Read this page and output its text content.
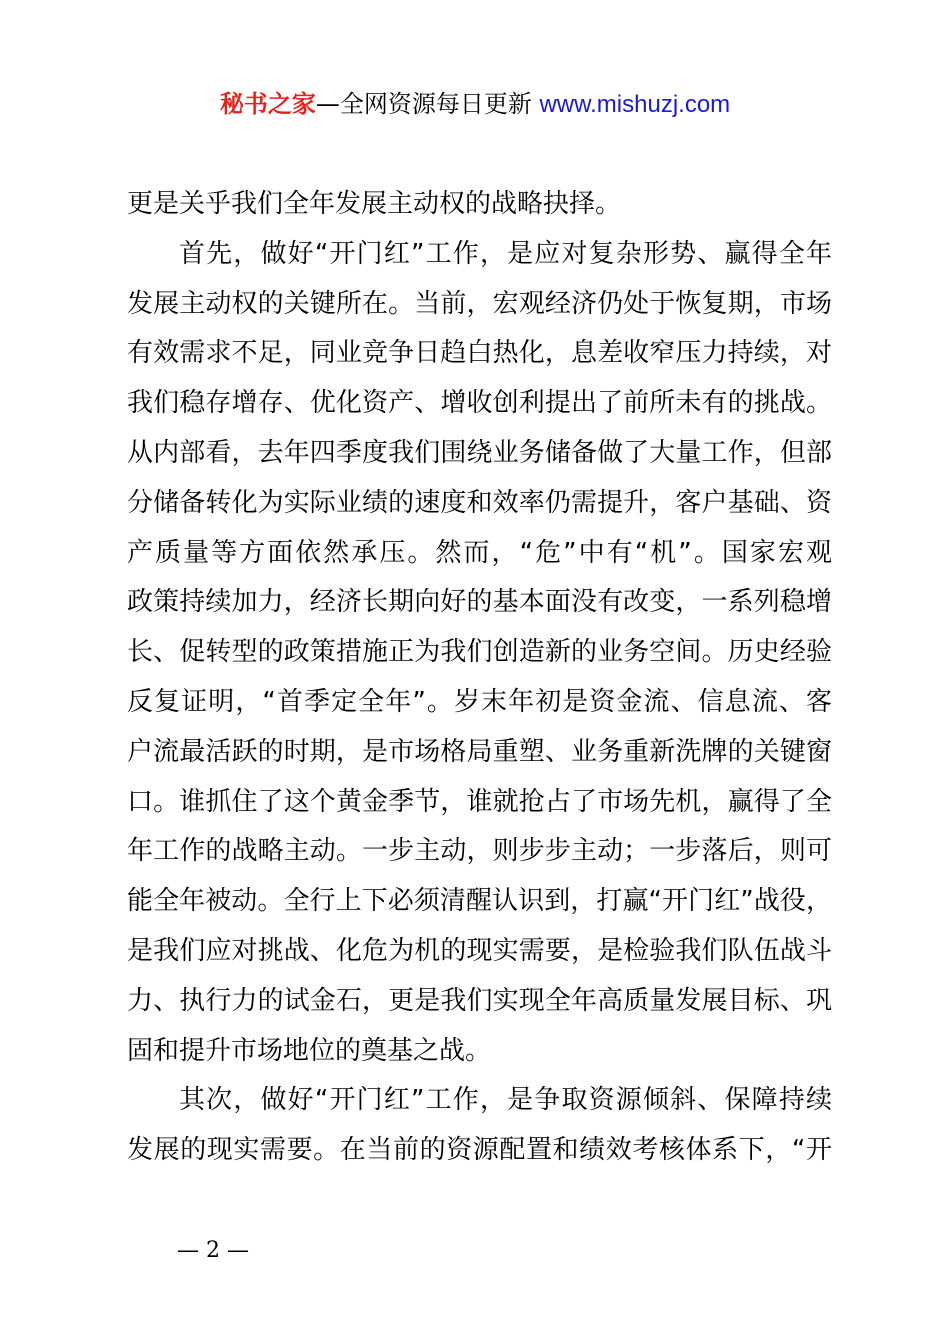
秘书之家—全网资源每日更新 www.mishuzj.com
更是关乎我们全年发展主动权的战略抉择。
首先，做好“开门红”工作，是应对复杂形势、赢得全年
发展主动权的关键所在。当前，宏观经济仍处于恢复期，市场
有效需求不足，同业竞争日趋白热化，息差收窄压力持续，对
我们稳存增存、优化资产、增收创利提出了前所未有的挑战。
从内部看，去年四季度我们围绕业务储备做了大量工作，但部
分储备转化为实际业绩的速度和效率仍需提升，客户基础、资
产质量等方面依然承压。然而，“危”中有“机”。国家宏观
政策持续加力，经济长期向好的基本面没有改变，一系列稳增
长、促转型的政策措施正为我们创造新的业务空间。历史经验
反复证明，“首季定全年”。岁末年初是资金流、信息流、客
户流最活跃的时期，是市场格局重塑、业务重新洗牌的关键窗
口。谁抓住了这个黄金季节，谁就抢占了市场先机，赢得了全
年工作的战略主动。一步主动，则步步主动；一步落后，则可
能全年被动。全行上下必须清醒认识到，打赢“开门红”战役，
是我们应对挑战、化危为机的现实需要，是检验我们队伍战斗
力、执行力的试金石，更是我们实现全年高质量发展目标、巩
固和提升市场地位的奠基之战。
其次，做好“开门红”工作，是争取资源倾斜、保障持续
发展的现实需要。在当前的资源配置和绩效考核体系下，“开
— 2 —
